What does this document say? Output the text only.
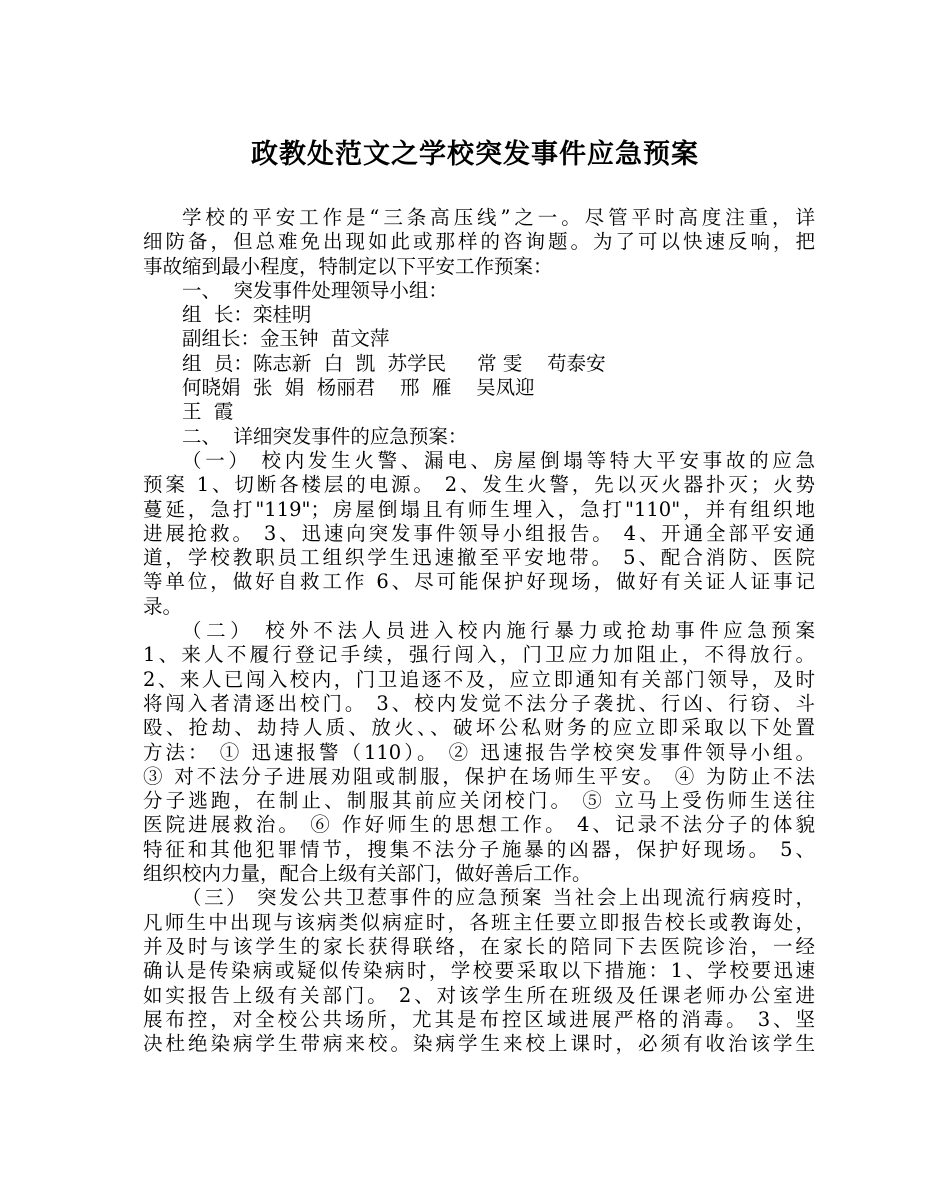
政教处范文之学校突发事件应急预案
学校的平安工作是“三条高压线”之一。尽管平时高度注重，详
细防备，但总难免出现如此或那样的咨询题。为了可以快速反响，把
事故缩到最小程度，特制定以下平安工作预案：
一、  突发事件处理领导小组：
组  长：栾桂明
副组长：金玉钟  苗文萍
组  员：陈志新  白  凯  苏学民     常 雯    苟泰安
何晓娟  张  娟  杨丽君    邢  雁    吴凤迎
王  霞
二、  详细突发事件的应急预案：
（一） 校内发生火警、漏电、房屋倒塌等特大平安事故的应急
预案 1、切断各楼层的电源。 2、发生火警，先以灭火器扑灭；火势
蔓延，急打"119"；房屋倒塌且有师生埋入，急打"110"，并有组织地
进展抢救。 3、迅速向突发事件领导小组报告。 4、开通全部平安通
道，学校教职员工组织学生迅速撤至平安地带。 5、配合消防、医院
等单位，做好自救工作 6、尽可能保护好现场，做好有关证人证事记
录。
（二） 校外不法人员进入校内施行暴力或抢劫事件应急预案
1、来人不履行登记手续，强行闯入，门卫应力加阻止，不得放行。
2、来人已闯入校内，门卫追逐不及，应立即通知有关部门领导，及时
将闯入者清逐出校门。 3、校内发觉不法分子袭扰、行凶、行窃、斗
殴、抢劫、劫持人质、放火、、破坏公私财务的应立即采取以下处置
方法： ① 迅速报警（110）。 ② 迅速报告学校突发事件领导小组。
③ 对不法分子进展劝阻或制服，保护在场师生平安。 ④ 为防止不法
分子逃跑，在制止、制服其前应关闭校门。 ⑤ 立马上受伤师生送往
医院进展救治。 ⑥ 作好师生的思想工作。 4、记录不法分子的体貌
特征和其他犯罪情节，搜集不法分子施暴的凶器，保护好现场。 5、
组织校内力量，配合上级有关部门，做好善后工作。
（三） 突发公共卫惹事件的应急预案 当社会上出现流行病疫时，
凡师生中出现与该病类似病症时，各班主任要立即报告校长或教诲处，
并及时与该学生的家长获得联络，在家长的陪同下去医院诊治，一经
确认是传染病或疑似传染病时，学校要采取以下措施：1、学校要迅速
如实报告上级有关部门。 2、对该学生所在班级及任课老师办公室进
展布控，对全校公共场所，尤其是布控区域进展严格的消毒。 3、坚
决杜绝染病学生带病来校。染病学生来校上课时，必须有收治该学生
